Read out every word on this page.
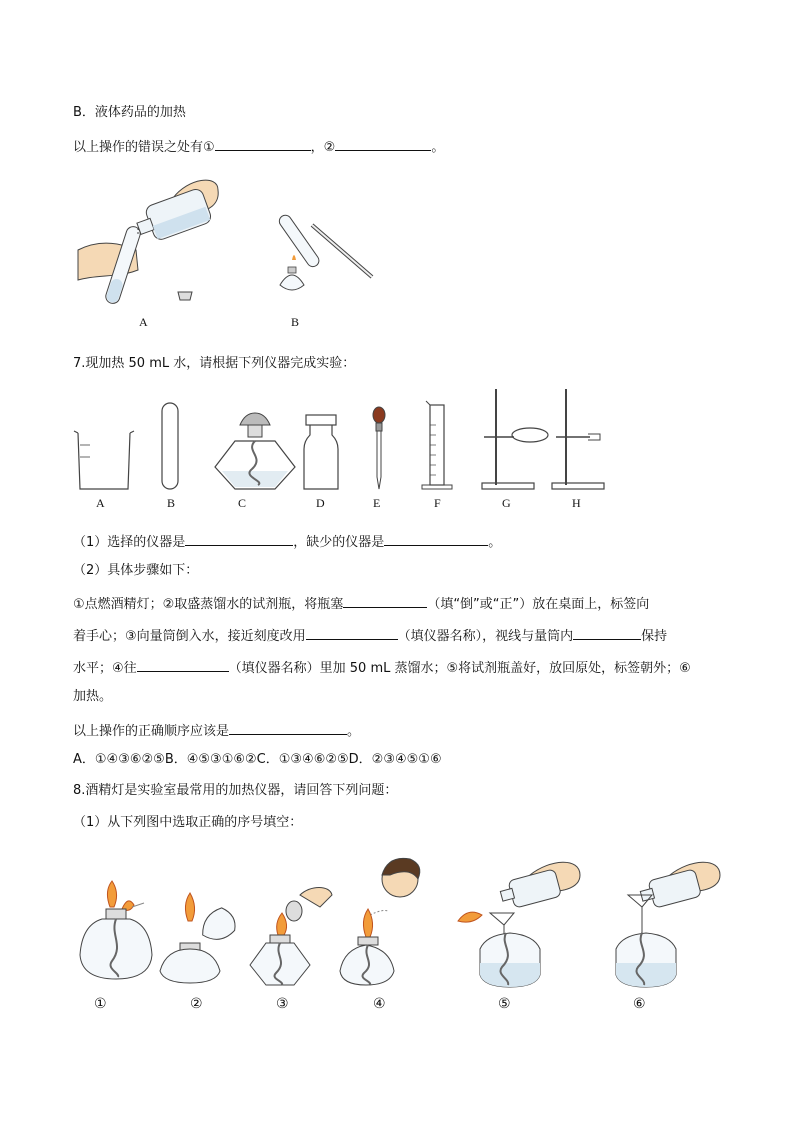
B．液体药品的加热
以上操作的错误之处有①	，②	。
A	B
7.现加热 50 mL 水，请根据下列仪器完成实验：
A	B	C	D	E	F	G	H
（1）选择的仪器是	，缺少的仪器是	。
（2）具体步骤如下：
①点燃酒精灯；②取盛蒸馏水的试剂瓶，将瓶塞	（填“倒”或“正”）放在桌面上，标签向
着手心；③向量筒倒入水，接近刻度改用	（填仪器名称），视线与量筒内	保持
水平；④往	（填仪器名称）里加 50 mL 蒸馏水；⑤将试剂瓶盖好，放回原处，标签朝外；⑥
加热。
以上操作的正确顺序应该是	。
A．①④③⑥②⑤B．④⑤③①⑥②C．①③④⑥②⑤D．②③④⑤①⑥
8.酒精灯是实验室最常用的加热仪器，请回答下列问题：
（1）从下列图中选取正确的序号填空：
①	②	③	④	⑤	⑥
